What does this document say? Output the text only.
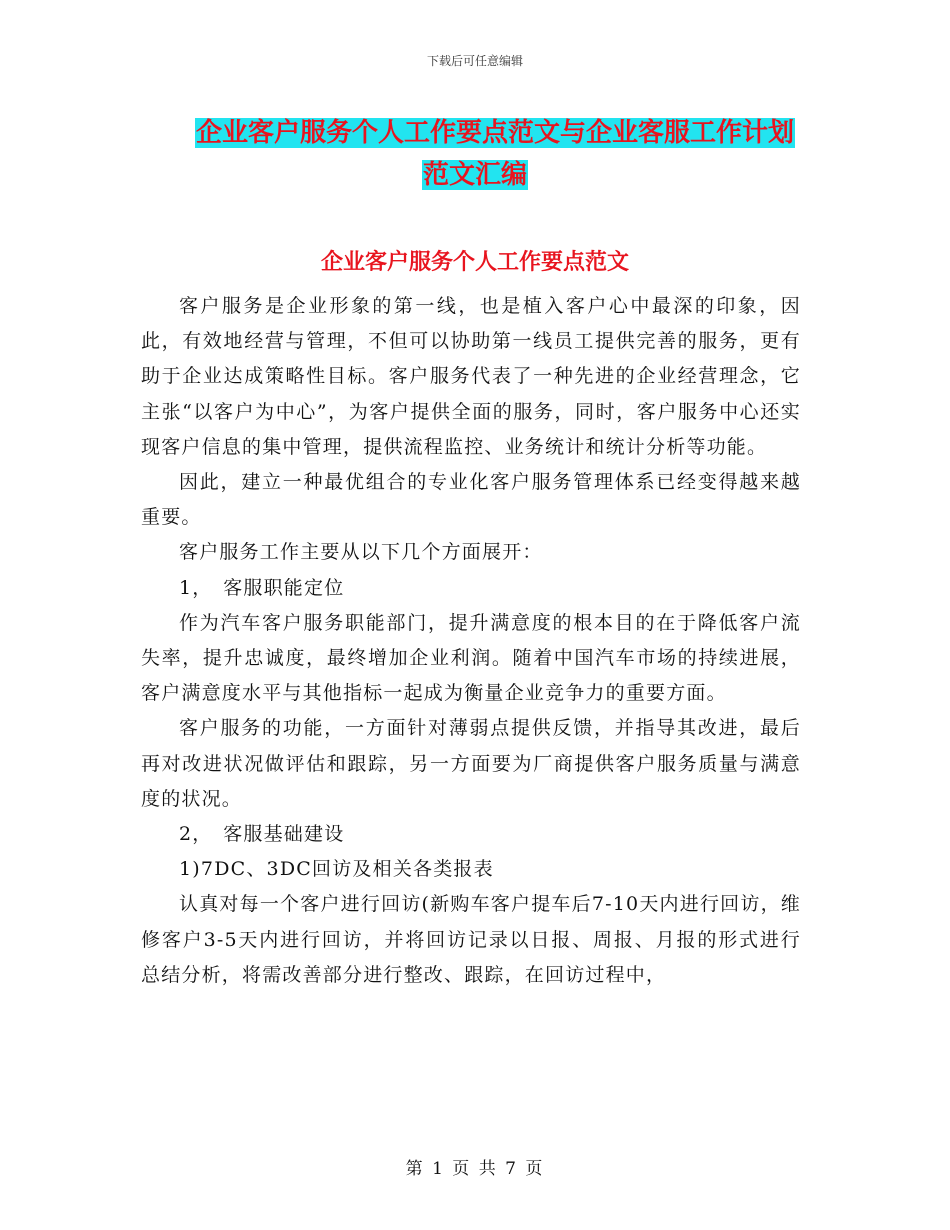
下载后可任意编辑
企业客户服务个人工作要点范文与企业客服工作计划
范文汇编
企业客户服务个人工作要点范文

客户服务是企业形象的第一线，也是植入客户心中最深的印象，因此，有效地经营与管理，不但可以协助第一线员工提供完善的服务，更有助于企业达成策略性目标。客户服务代表了一种先进的企业经营理念，它主张“以客户为中心”，为客户提供全面的服务，同时，客户服务中心还实现客户信息的集中管理，提供流程监控、业务统计和统计分析等功能。

因此，建立一种最优组合的专业化客户服务管理体系已经变得越来越重要。

客户服务工作主要从以下几个方面展开：

1，　客服职能定位

作为汽车客户服务职能部门，提升满意度的根本目的在于降低客户流失率，提升忠诚度，最终增加企业利润。随着中国汽车市场的持续进展，客户满意度水平与其他指标一起成为衡量企业竞争力的重要方面。

客户服务的功能，一方面针对薄弱点提供反馈，并指导其改进，最后再对改进状况做评估和跟踪，另一方面要为厂商提供客户服务质量与满意度的状况。

2，　客服基础建设

1)7DC、3DC回访及相关各类报表

认真对每一个客户进行回访(新购车客户提车后7-10天内进行回访，维修客户3-5天内进行回访，并将回访记录以日报、周报、月报的形式进行总结分析，将需改善部分进行整改、跟踪，在回访过程中，

第 1 页 共 7 页
